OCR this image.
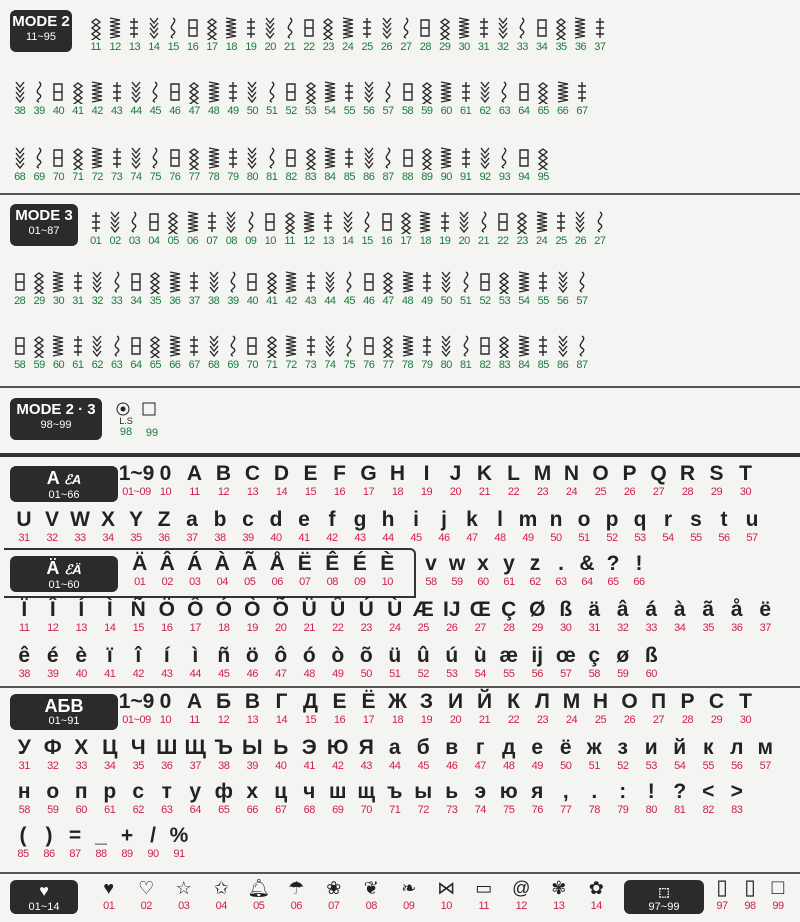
MODE 2
11~95
11 12 13 14 15 16 17 18 19 20 21 22 23 24 25 26 27 28 29 30 31 32 33 34 35 36 37
38 39 40 41 42 43 44 45 46 47 48 49 50 51 52 53 54 55 56 57 58 59 60 61 62 63 64 65 66 67
68 69 70 71 72 73 74 75 76 77 78 79 80 81 82 83 84 85 86 87 88 89 90 91 92 93 94 95
MODE 3
01~87
01 02 03 04 05 06 07 08 09 10 11 12 13 14 15 16 17 18 19 20 21 22 23 24 25 26 27
28 29 30 31 32 33 34 35 36 37 38 39 40 41 42 43 44 45 46 47 48 49 50 51 52 53 54 55 56 57
58 59 60 61 62 63 64 65 66 67 68 69 70 71 72 73 74 75 76 77 78 79 80 81 82 83 84 85 86 87
MODE 2 · 3
98~99	L.S
98	99
A ℰA
01~66
1~9
01~09
0
10
A
11
B
12
C
13
D
14
E
15
F
16
G
17
H
18
I
19
J
20
K
21
L
22
M
23
N
24
O
25
P
26
Q
27
R
28
S
29
T
30
U
31
V
32
W
33
X
34
Y
35
Z
36
a
37
b
38
c
39
d
40
e
41
f
42
g
43
h
44
i
45
j
46
k
47
l
48
m
49
n
50
o
51
p
52
q
53
r
54
s
55
t
56
u
57
Ä ℰÄ
01~60
Ä
01
Â
02
Á
03
À
04
Ã
05
Å
06
Ë
07
Ê
08
É
09
È
10
v
58
w
59
x
60
y
61
z
62
.
63
&
64
?
65
!
66
Ï
11
Î
12
Í
13
Ì
14
Ñ
15
Ö
16
Ô
17
Ó
18
Ò
19
Õ
20
Ü
21
Û
22
Ú
23
Ù
24
Æ
25
IJ
26
Œ
27
Ç
28
Ø
29
ß
30
ä
31
â
32
á
33
à
34
ã
35
å
36
ë
37
ê
38
é
39
è
40
ï
41
î
42
í
43
ì
44
ñ
45
ö
46
ô
47
ó
48
ò
49
õ
50
ü
51
û
52
ú
53
ù
54
æ
55
ij
56
œ
57
ç
58
ø
59
ß
60
АБВ
01~91
1~9
01~09
0
10
А
11
Б
12
В
13
Г
14
Д
15
Е
16
Ё
17
Ж
18
З
19
И
20
Й
21
К
22
Л
23
М
24
Н
25
О
26
П
27
Р
28
С
29
Т
30
У
31
Ф
32
Х
33
Ц
34
Ч
35
Ш
36
Щ
37
Ъ
38
Ы
39
Ь
40
Э
41
Ю
42
Я
43
а
44
б
45
в
46
г
47
д
48
е
49
ё
50
ж
51
з
52
и
53
й
54
к
55
л
56
м
57
н
58
о
59
п
60
р
61
с
62
т
63
у
64
ф
65
х
66
ц
67
ч
68
ш
69
щ
70
ъ
71
ы
72
ь
73
э
74
ю
75
я
76
,
77
.
78
:
79
!
80
?
81
<
82
>
83
(
85
)
86
=
87
_
88
+
89
/
90
%
91
♥
01~14
♥
01
♡
02
☆
03
✩
04
🔔︎
05
☂
06
❀
07
❦
08
❧
09
⋈
10
▭
11
@
12
✾
13
✿
14
⬚
97~99
▯
97
▯
98
□
99
